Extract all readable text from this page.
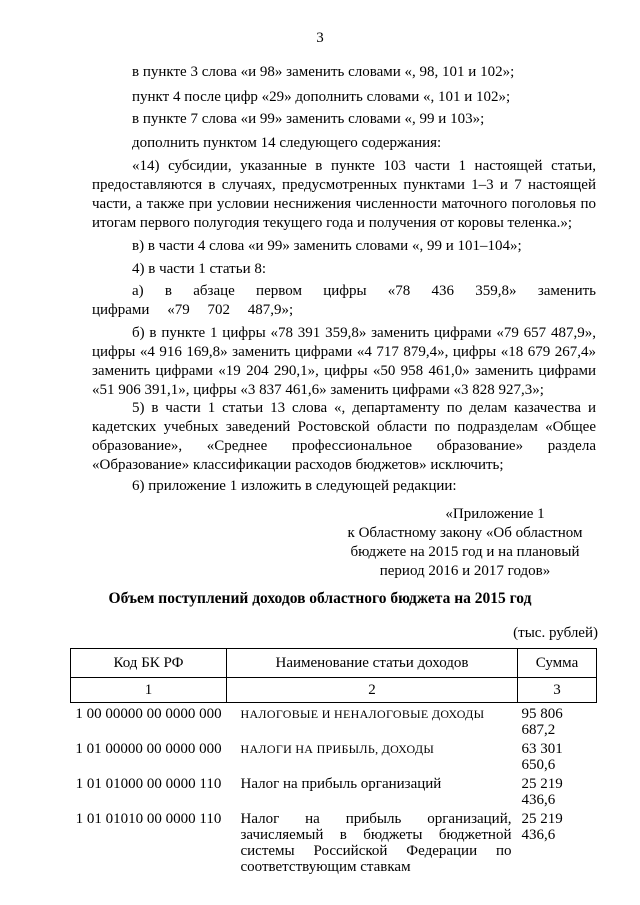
3

в пункте 3 слова «и 98» заменить словами «, 98, 101 и 102»;

пункт 4 после цифр «29» дополнить словами «, 101 и 102»;

в пункте 7 слова «и 99» заменить словами «, 99 и 103»;

дополнить пунктом 14 следующего содержания:

«14) субсидии, указанные в пункте 103 части 1 настоящей статьи, предоставляются в случаях, предусмотренных пунктами 1–3 и 7 настоящей части, а также при условии неснижения численности маточного поголовья по итогам первого полугодия текущего года и получения от коровы теленка.»;

в) в части 4 слова «и 99» заменить словами «, 99 и 101–104»;

4) в части 1 статьи 8:

а) в абзаце первом цифры «78 436 359,8» заменить цифрами «79 702 487,9»;

б) в пункте 1 цифры «78 391 359,8» заменить цифрами «79 657 487,9», цифры «4 916 169,8» заменить цифрами «4 717 879,4», цифры «18 679 267,4» заменить цифрами «19 204 290,1», цифры «50 958 461,0» заменить цифрами «51 906 391,1», цифры «3 837 461,6» заменить цифрами «3 828 927,3»;

5) в части 1 статьи 13 слова «, департаменту по делам казачества и кадетских учебных заведений Ростовской области по подразделам «Общее образование», «Среднее профессиональное образование» раздела «Образование» классификации расходов бюджетов» исключить;

6) приложение 1 изложить в следующей редакции:

«Приложение 1
к Областному закону «Об областном бюджете на 2015 год и на плановый период 2016 и 2017 годов»
Объем поступлений доходов областного бюджета на 2015 год
(тыс. рублей)
Код БК РФ	Наименование статьи доходов	Сумма
1	2	3
1 00 00000 00 0000 000	НАЛОГОВЫЕ И НЕНАЛОГОВЫЕ ДОХОДЫ	95 806 687,2
1 01 00000 00 0000 000	НАЛОГИ НА ПРИБЫЛЬ, ДОХОДЫ	63 301 650,6
1 01 01000 00 0000 110	Налог на прибыль организаций	25 219 436,6
1 01 01010 00 0000 110	Налог на прибыль организаций, зачисляемый в бюджеты бюджетной системы Российской Федерации по соответствующим ставкам	25 219 436,6
